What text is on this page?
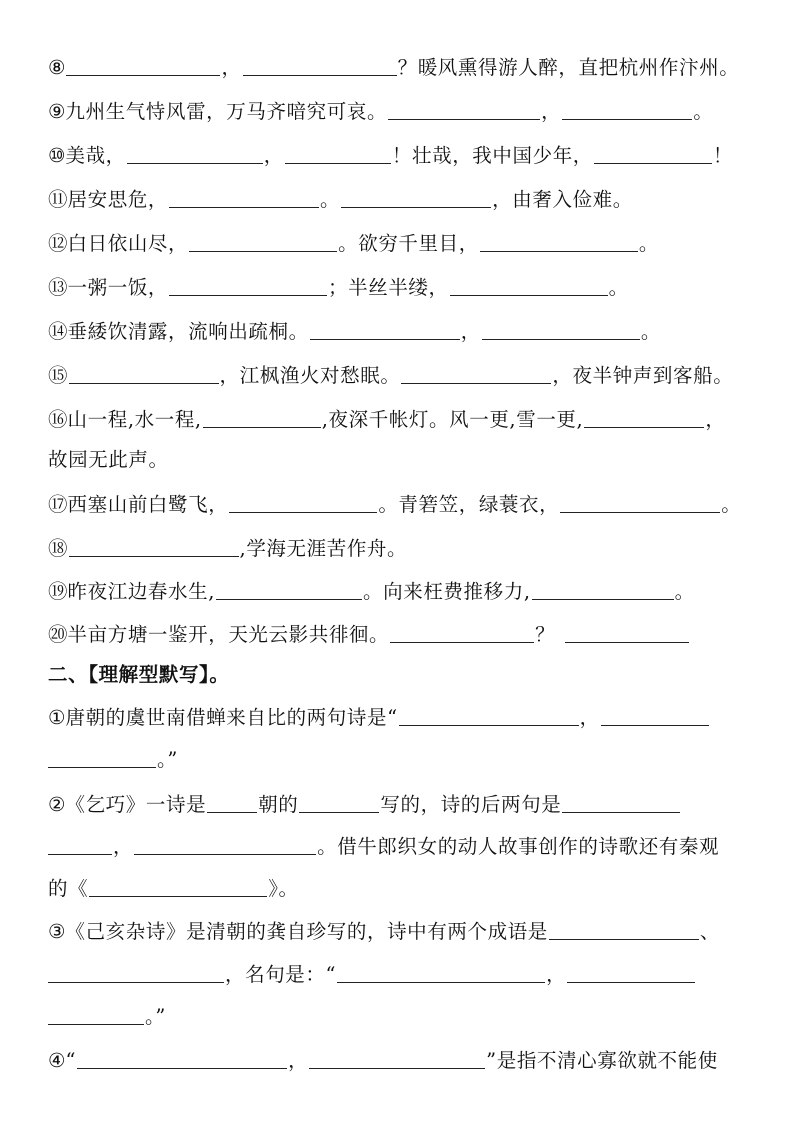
⑧	，	？暖风熏得游人醉，直把杭州作汴州。
⑨九州生气恃风雷，万马齐喑究可哀。	，	。
⑩美哉，	，	！壮哉，我中国少年，	！
⑪居安思危，	。	，由奢入俭难。
⑫白日依山尽，	。欲穷千里目，	。
⑬一粥一饭，	；半丝半缕，	。
⑭垂緌饮清露，流响出疏桐。	，	。
⑮	，江枫渔火对愁眠。	，夜半钟声到客船。
⑯山一程,水一程,	,夜深千帐灯。风一更,雪一更,	，
故园无此声。
⑰西塞山前白鹭飞，	。青箬笠，绿蓑衣，	。
⑱	,学海无涯苦作舟。
⑲昨夜江边春水生,	。向来枉费推移力,	。
⑳半亩方塘一鉴开，天光云影共徘徊。	？
二、【理解型默写】。
①唐朝的虞世南借蝉来自比的两句诗是“	，
。”
②《乞巧》一诗是	朝的	写的，诗的后两句是
，	。借牛郎织女的动人故事创作的诗歌还有秦观
的《	》。
③《己亥杂诗》是清朝的龚自珍写的，诗中有两个成语是	、
，名句是：“	，
。”
④“	，	”是指不清心寡欲就不能使
